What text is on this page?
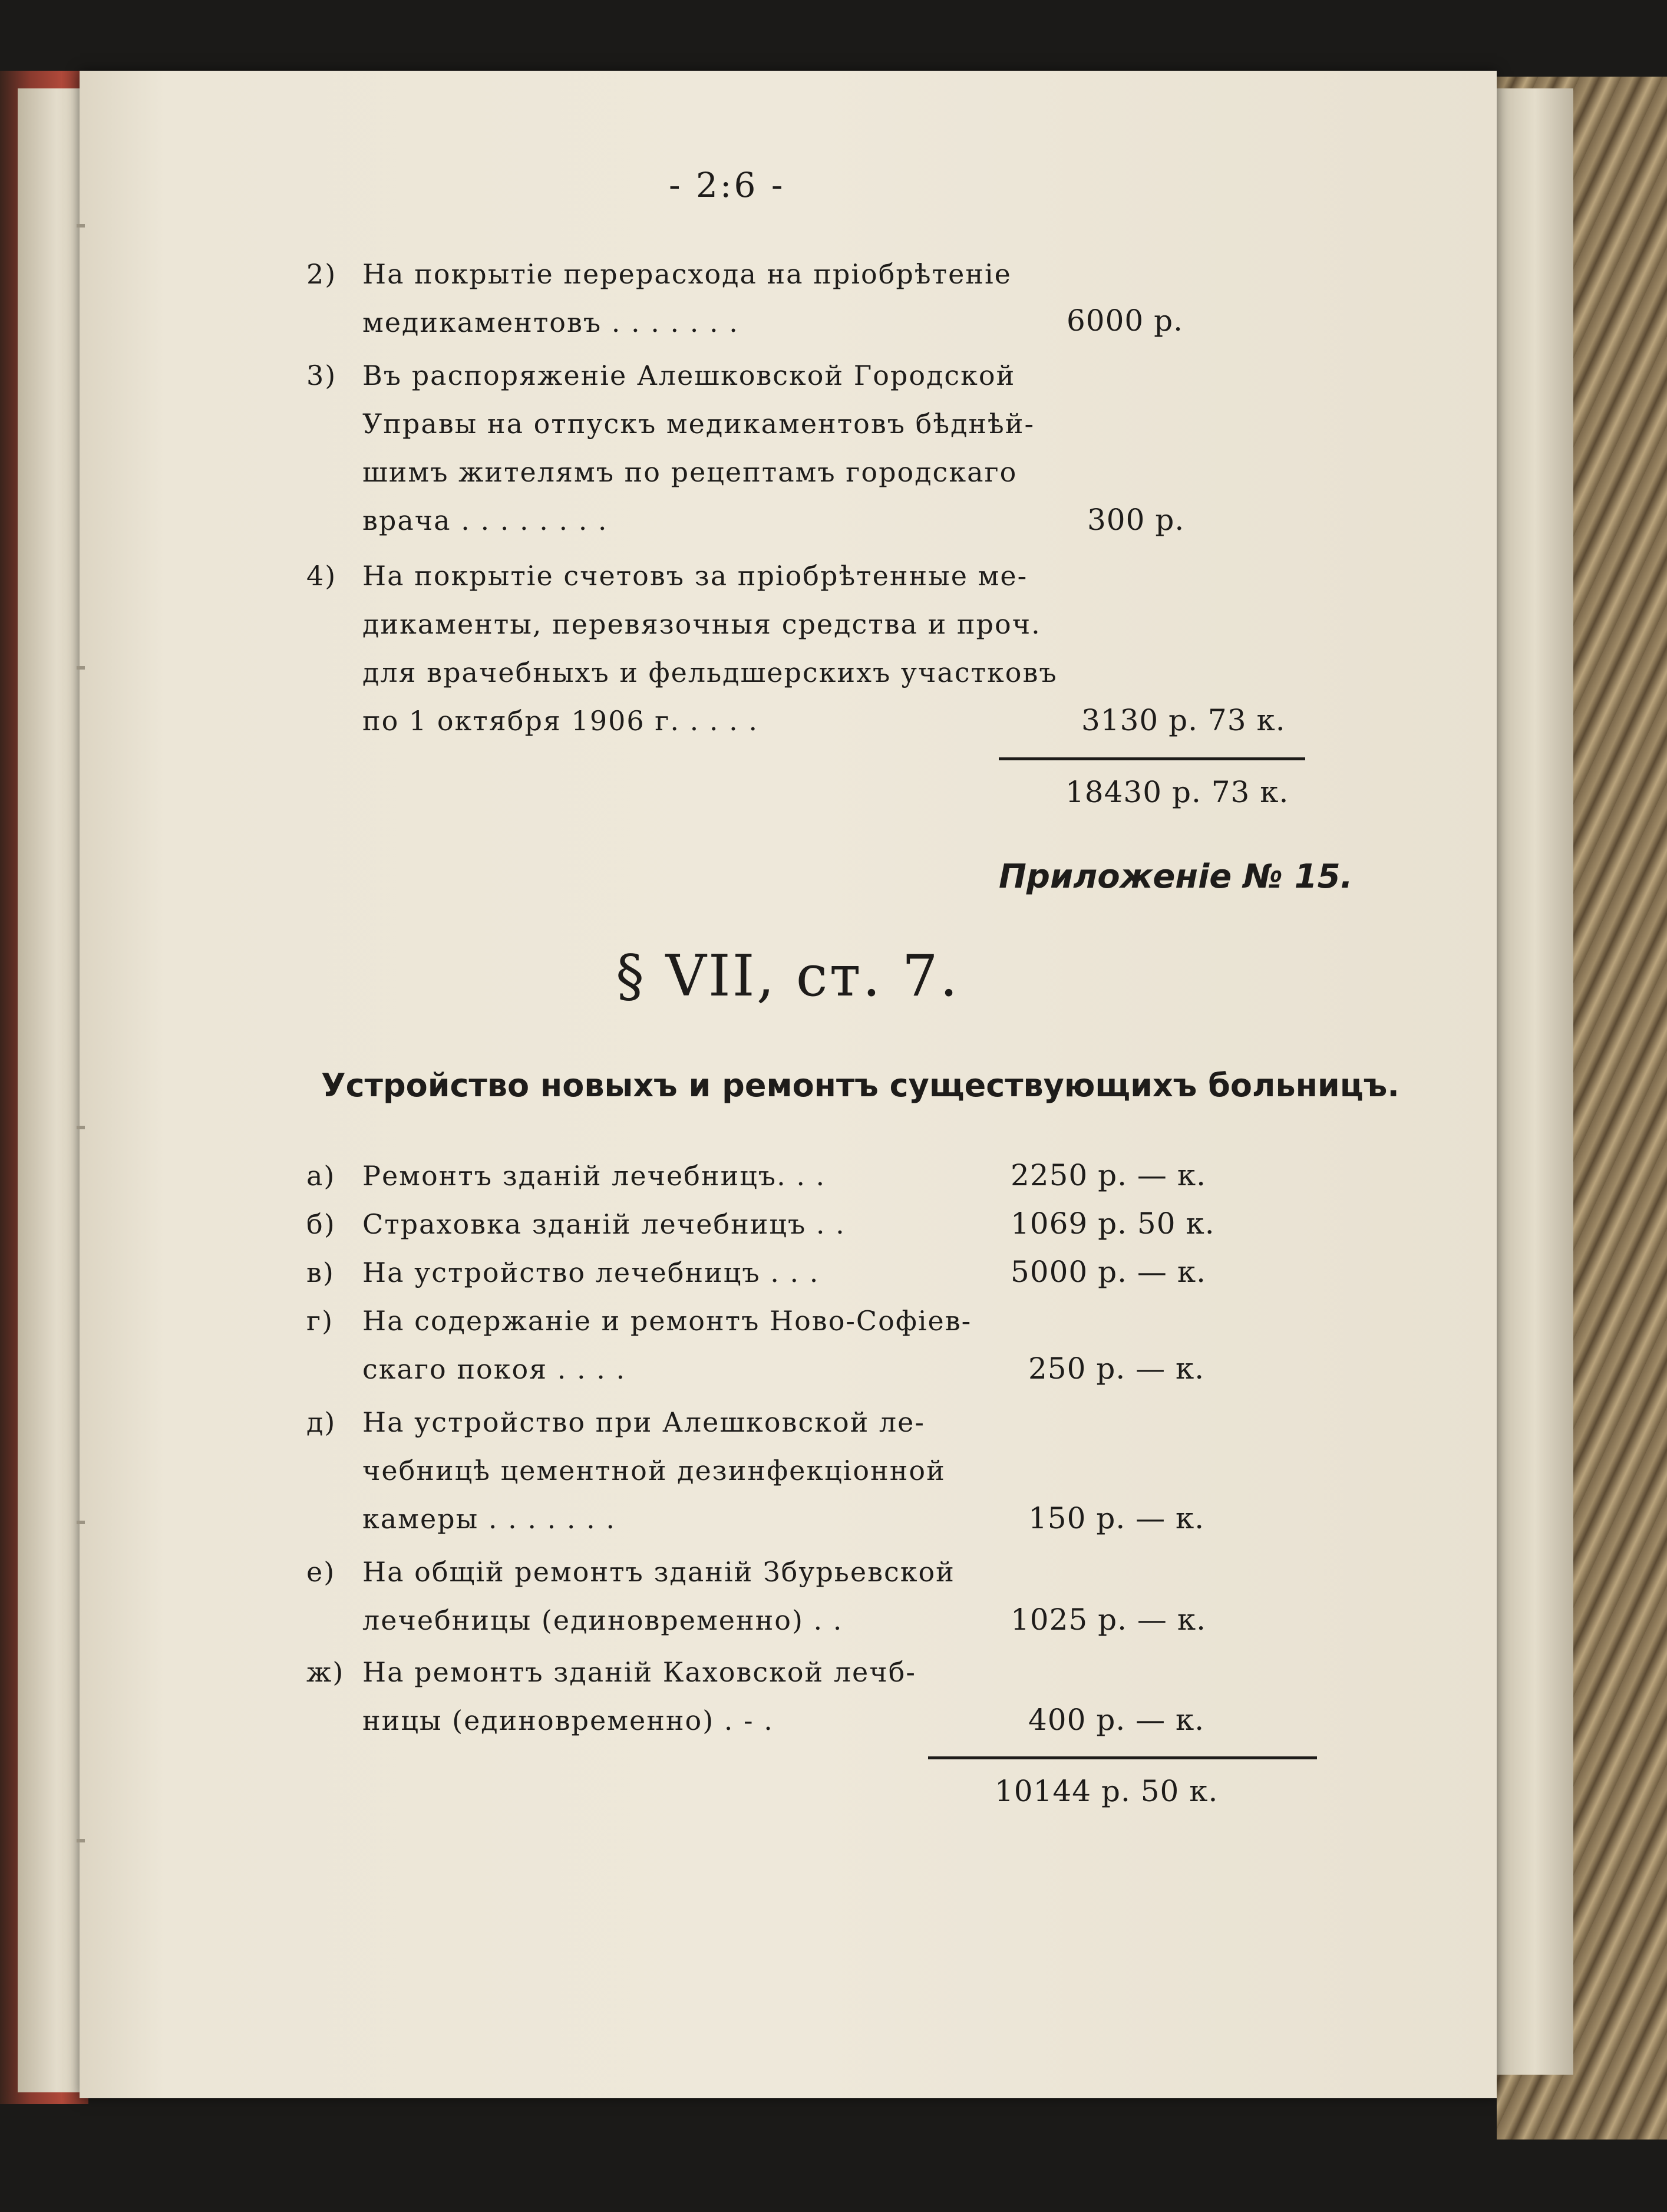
- 2:6 -
2) На покрытіе перерасхода на пріобрѣтеніе
медикаментовъ . . . . . . .	6000 р.
3) Въ распоряженіе Алешковской Городской
Управы на отпускъ медикаментовъ бѣднѣй-
шимъ жителямъ по рецептамъ городскаго
врача . . . . . . . .	300 р.
4) На покрытіе счетовъ за пріобрѣтенные ме-
дикаменты, перевязочныя средства и проч.
для врачебныхъ и фельдшерскихъ участковъ
по 1 октября 1906 г. . . . .	3130 р. 73 к.
18430 р. 73 к.
Приложеніе № 15.
§ VII, ст. 7.
Устройство новыхъ и ремонтъ существующихъ больницъ.
а) Ремонтъ зданій лечебницъ. . .	2250 р. — к.
б) Страховка зданій лечебницъ . .	1069 р. 50 к.
в) На устройство лечебницъ . . .	5000 р. — к.
г) На содержаніе и ремонтъ Ново-Софіев-
скаго покоя . . . .	250 р. — к.
д) На устройство при Алешковской ле-
чебницѣ цементной дезинфекціонной
камеры . . . . . . .	150 р. — к.
е) На общій ремонтъ зданій Збурьевской
лечебницы (единовременно) . .	1025 р. — к.
ж) На ремонтъ зданій Каховской лечб-
ницы (единовременно) . - .	400 р. — к.
10144 р. 50 к.
